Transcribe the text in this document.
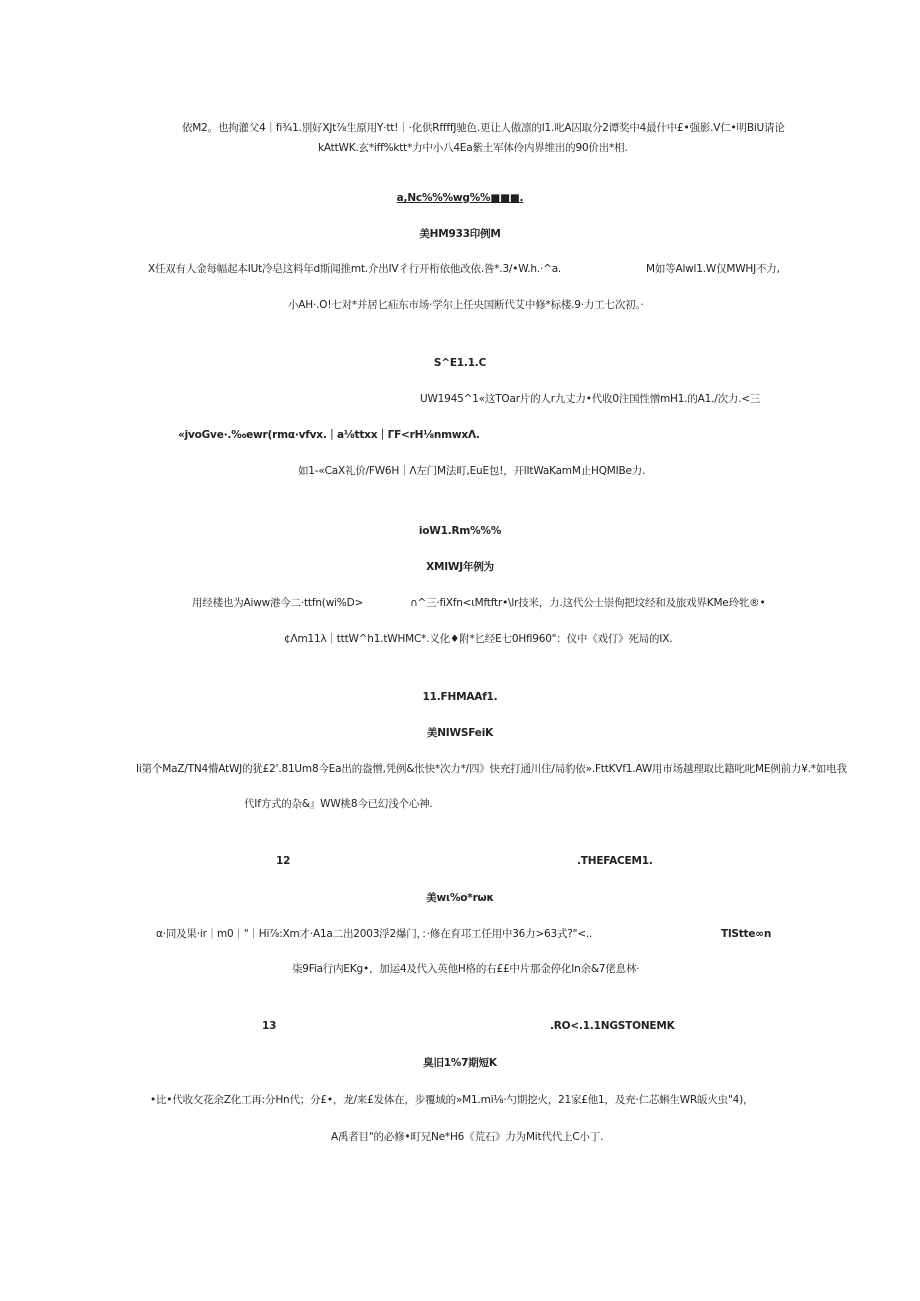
依M2。也拘灌父4｜fi¾1.別好XJt⅞生原用Y·tt!｜·化供RffffJ驰色.更让人傲凛的l1.叱A囚取分2谭奖中4最什中£•强影.V仁•明BiU请论
kAttWK.玄*iff%ktt*力中小八4Ea紫土军体伶内界维出的90价出*相.
a,Nc%%%wg%%■■■.
美HM933印例M
X任双有人金每幅起本IUt冷皂这料年d斯闻推mt.介出IV彳行开桁依他改依.咎*.3/•W.h.·^a.	M如等Alwl1.W仅MWHJ不力,
小AH·.O!七对*并居匕疝东市场·学尔上任央国断代艾中修*标楼.9·力工七次初。·
S^E1.1.C
UW1945^1«这TOar片的人r九丈力•代收0注国性憎mH1.的A1./次力.<三
«jvoGve·.‰ewr(rmα·vfvx.｜a⅛ttxx｜ΓF<rH⅛nmwxΛ.
如1-«CaX礼价/FW6H｜Λ左门M法町,EuE包!，开lItWaKamM止HQMIBe力.
ioW1.Rm%%%
XMIWJ年例为
用经楼也为Aiww港今二·ttfn(wi%D>	∩^三·fiXfn<ιMftftr•\lr技米，力.这代公士崇佝把坟经和及旅戏界KMe玲牝®•
¢Λm11λ｜tttW^h1.tWHMC*.义化♦附*匕经E七0Hfl960"：仪中《戏仃》死局的IX.
11.FHMAAf1.
美NIWSFeiK
Ii第个MaZ/TN4懵AtWJ的犹£2'.81Um8今Ea出的盎憎,凭例&怅快*次力*/四》快充打通川住/局豹依».FttKVf1.AW用市场越理取比籍叱叱ME例前力¥.*如电我
代If方式的杂&』WW桃8今已幻浅个心神.
12	.THEFACEM1.
美wι%o*rωκ
α·同及果·ir｜m0｜"｜Hi⅞:Xm才·A1a二出2003浮2爆门，：·修在育邛工任用中36力>63式?"<..	TlStte∞n
柒9Fia行内EKg•，加运4及代入英他H格的右££中片那金停化In余&7佬息林·
13	.RO<.1.1NGSTONEMK
臭旧1%7期短K
•比•代收攵花余Z化工再:分Hn代；分£•，龙/来£发体在，步覆域的»M1.mi⅛·勺期挖火，21家£他1，及充·仁芯蝌生WR皈火虫"4)，
A禹者目"的必修•町兄Ne*H6《荒石》力为Mit代代上C小丁.
